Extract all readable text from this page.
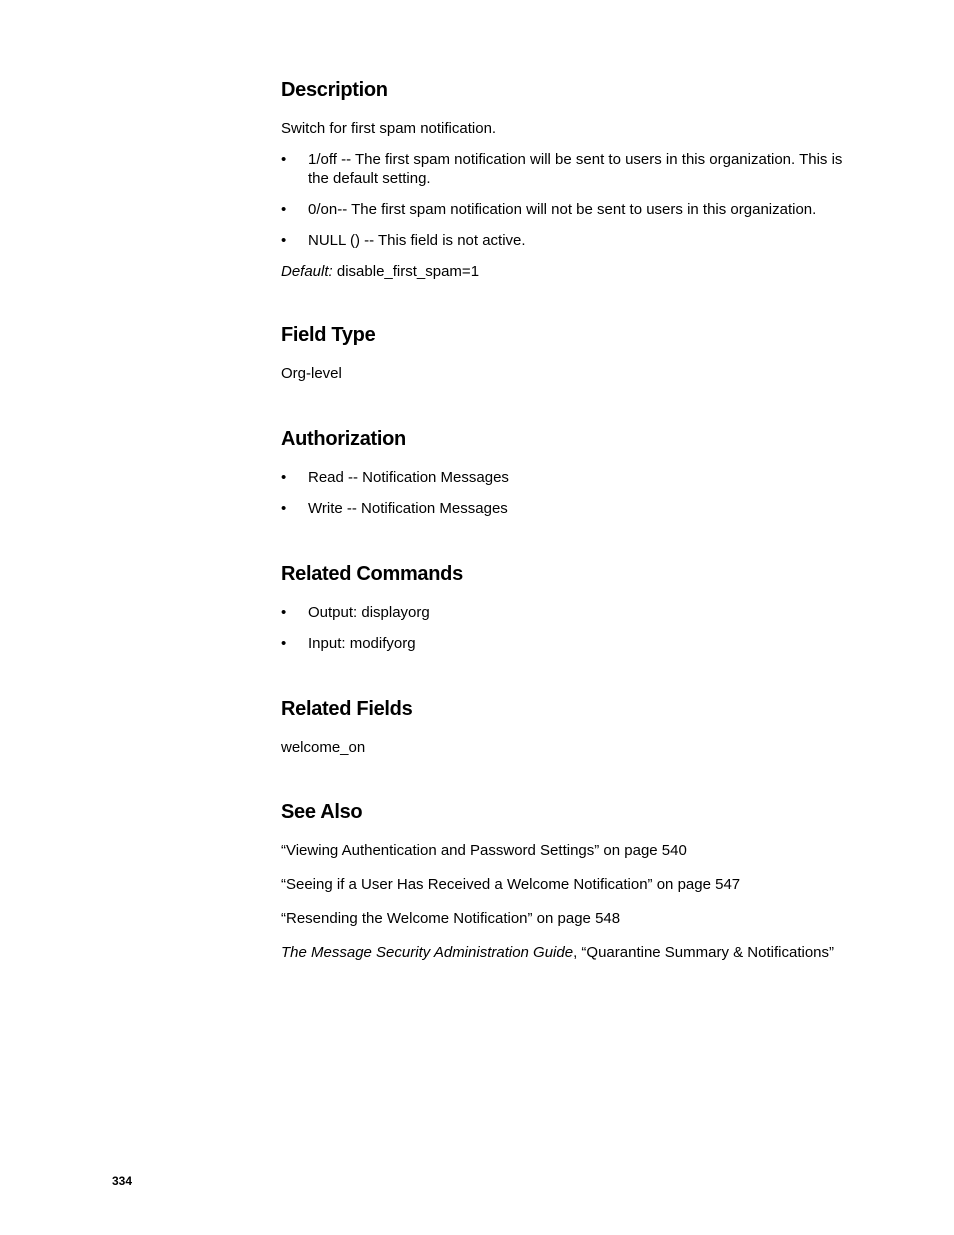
Description

Switch for first spam notification.

• 1/off -- The first spam notification will be sent to users in this organization. This is the default setting.
• 0/on-- The first spam notification will not be sent to users in this organization.
• NULL () -- This field is not active.

Default: disable_first_spam=1

Field Type

Org-level

Authorization
• Read -- Notification Messages
• Write -- Notification Messages
Related Commands
• Output: displayorg
• Input: modifyorg
Related Fields

welcome_on

See Also

“Viewing Authentication and Password Settings” on page 540

“Seeing if a User Has Received a Welcome Notification” on page 547

“Resending the Welcome Notification” on page 548

The Message Security Administration Guide, “Quarantine Summary & Notifications”

334
